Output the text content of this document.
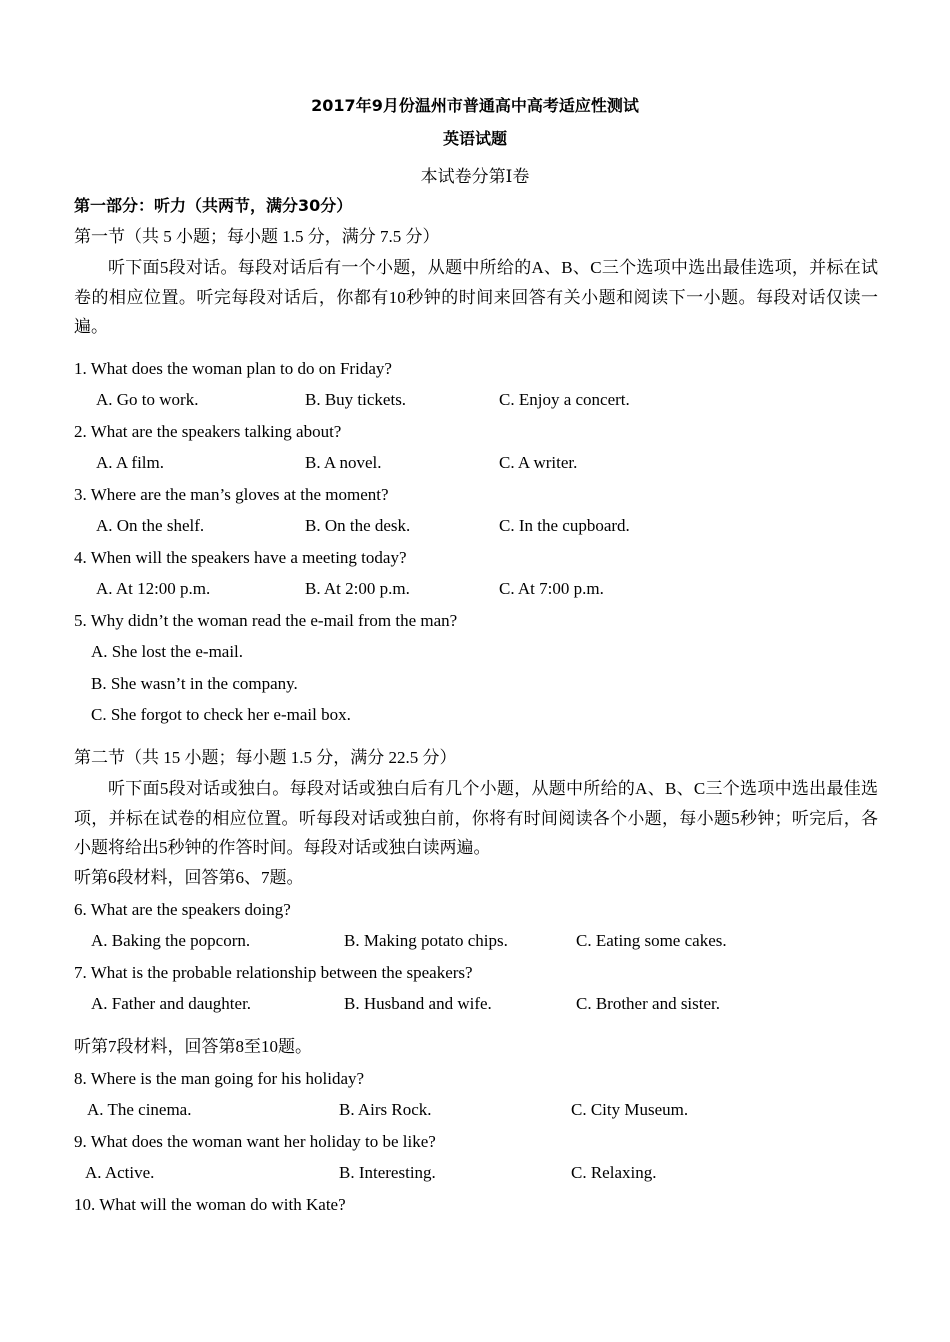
2017年9月份温州市普通高中高考适应性测试
英语试题
本试卷分第Ⅰ卷
第一部分：听力（共两节，满分30分）
第一节（共 5 小题；每小题 1.5 分，满分 7.5 分）
听下面5段对话。每段对话后有一个小题，从题中所给的A、B、C三个选项中选出最佳选项，并标在试卷的相应位置。听完每段对话后，你都有10秒钟的时间来回答有关小题和阅读下一小题。每段对话仅读一遍。
1. What does the woman plan to do on Friday?
A. Go to work.	B. Buy tickets.	C. Enjoy a concert.
2. What are the speakers talking about?
A. A film.	B. A novel.	C. A writer.
3. Where are the man’s gloves at the moment?
A. On the shelf.	B. On the desk.	C. In the cupboard.
4. When will the speakers have a meeting today?
A. At 12:00 p.m.	B. At 2:00 p.m.	C. At 7:00 p.m.
5. Why didn’t the woman read the e-mail from the man?
A. She lost the e-mail.
B. She wasn’t in the company.
C. She forgot to check her e-mail box.
第二节（共 15 小题；每小题 1.5 分，满分 22.5 分）
听下面5段对话或独白。每段对话或独白后有几个小题，从题中所给的A、B、C三个选项中选出最佳选项，并标在试卷的相应位置。听每段对话或独白前，你将有时间阅读各个小题，每小题5秒钟；听完后，各小题将给出5秒钟的作答时间。每段对话或独白读两遍。
听第6段材料，回答第6、7题。
6. What are the speakers doing?
A. Baking the popcorn.	B. Making potato chips.	C. Eating some cakes.
7. What is the probable relationship between the speakers?
A. Father and daughter.	B. Husband and wife.	C. Brother and sister.
听第7段材料，回答第8至10题。
8. Where is the man going for his holiday?
A. The cinema.	B. Airs Rock.	C. City Museum.
9. What does the woman want her holiday to be like?
A. Active.	B. Interesting.	C. Relaxing.
10. What will the woman do with Kate?
